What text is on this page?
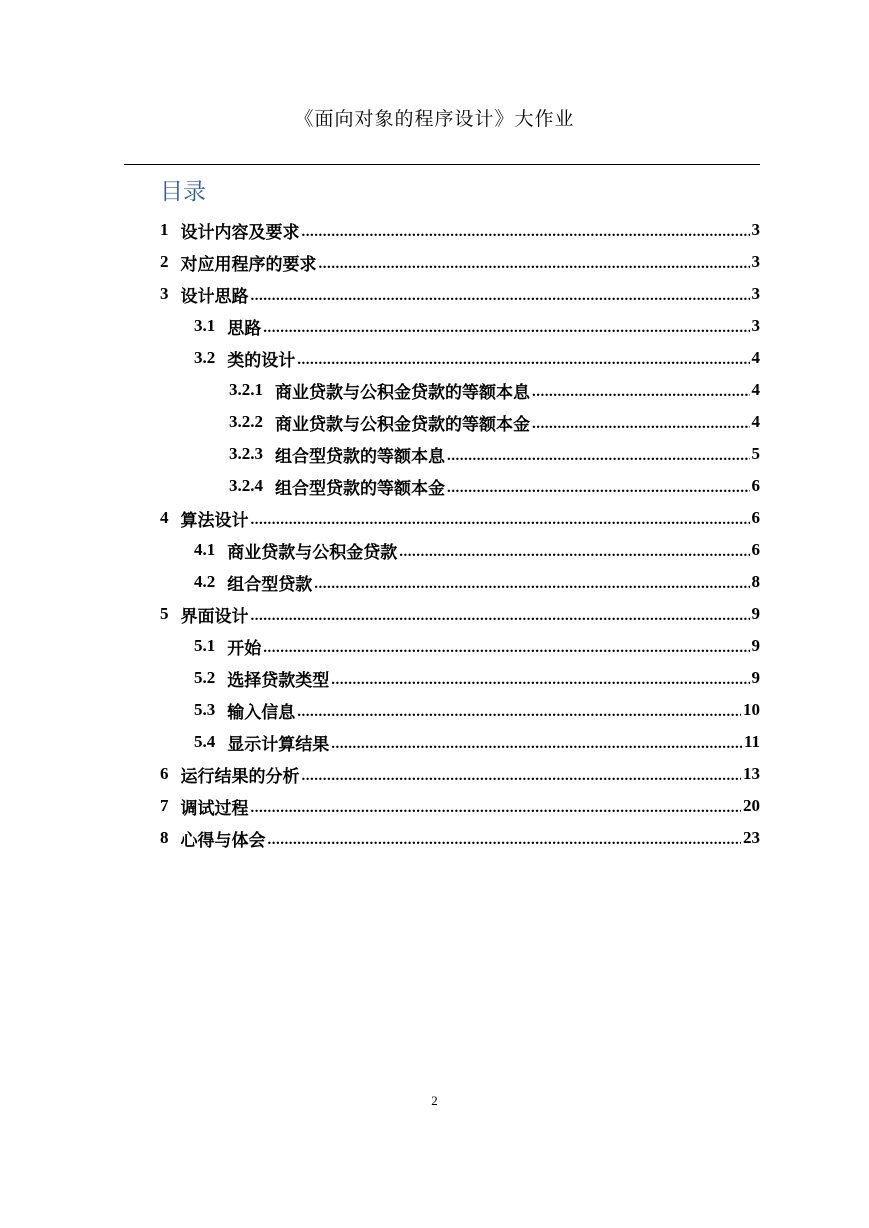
《面向对象的程序设计》大作业
目录
1 设计内容及要求 .....	3
2 对应用程序的要求 .....	3
3 设计思路 .....	3
3.1 思路 .....	3
3.2 类的设计 .....	4
3.2.1 商业贷款与公积金贷款的等额本息 .....	4
3.2.2 商业贷款与公积金贷款的等额本金 .....	4
3.2.3 组合型贷款的等额本息 .....	5
3.2.4 组合型贷款的等额本金 .....	6
4 算法设计 .....	6
4.1 商业贷款与公积金贷款 .....	6
4.2 组合型贷款 .....	8
5 界面设计 .....	9
5.1 开始 .....	9
5.2 选择贷款类型 .....	9
5.3 输入信息 .....	10
5.4 显示计算结果 .....	11
6 运行结果的分析 .....	13
7 调试过程 .....	20
8 心得与体会 .....	23
2
